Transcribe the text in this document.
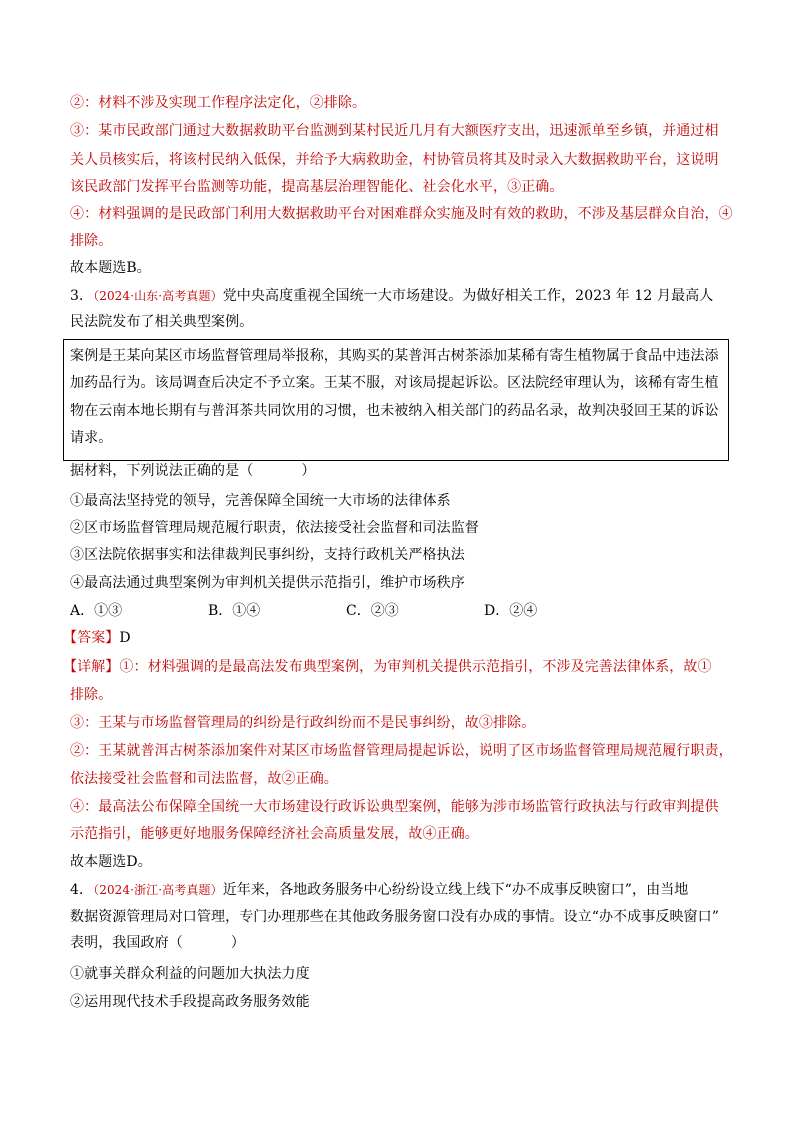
②：材料不涉及实现工作程序法定化，②排除。
③：某市民政部门通过大数据救助平台监测到某村民近几月有大额医疗支出，迅速派单至乡镇，并通过相
关人员核实后，将该村民纳入低保，并给予大病救助金，村协管员将其及时录入大数据救助平台，这说明
该民政部门发挥平台监测等功能，提高基层治理智能化、社会化水平，③正确。
④：材料强调的是民政部门利用大数据救助平台对困难群众实施及时有效的救助，不涉及基层群众自治，④
排除。
故本题选B。
3．（2024·山东·高考真题）党中央高度重视全国统一大市场建设。为做好相关工作，2023 年 12 月最高人
民法院发布了相关典型案例。
案例是王某向某区市场监督管理局举报称，其购买的某普洱古树茶添加某稀有寄生植物属于食品中违法添
加药品行为。该局调查后决定不予立案。王某不服，对该局提起诉讼。区法院经审理认为，该稀有寄生植
物在云南本地长期有与普洱茶共同饮用的习惯，也未被纳入相关部门的药品名录，故判决驳回王某的诉讼
请求。
据材料，下列说法正确的是（	）
①最高法坚持党的领导，完善保障全国统一大市场的法律体系
②区市场监督管理局规范履行职责，依法接受社会监督和司法监督
③区法院依据事实和法律裁判民事纠纷，支持行政机关严格执法
④最高法通过典型案例为审判机关提供示范指引，维护市场秩序
A．①③	B．①④	C．②③	D．②④
【答案】D
【详解】①：材料强调的是最高法发布典型案例，为审判机关提供示范指引，不涉及完善法律体系，故①
排除。
③：王某与市场监督管理局的纠纷是行政纠纷而不是民事纠纷，故③排除。
②：王某就普洱古树茶添加案件对某区市场监督管理局提起诉讼，说明了区市场监督管理局规范履行职责，
依法接受社会监督和司法监督，故②正确。
④：最高法公布保障全国统一大市场建设行政诉讼典型案例，能够为涉市场监管行政执法与行政审判提供
示范指引，能够更好地服务保障经济社会高质量发展，故④正确。
故本题选D。
4．（2024·浙江·高考真题）近年来，各地政务服务中心纷纷设立线上线下“办不成事反映窗口”，由当地
数据资源管理局对口管理，专门办理那些在其他政务服务窗口没有办成的事情。设立“办不成事反映窗口”
表明，我国政府（	）
①就事关群众利益的问题加大执法力度
②运用现代技术手段提高政务服务效能
